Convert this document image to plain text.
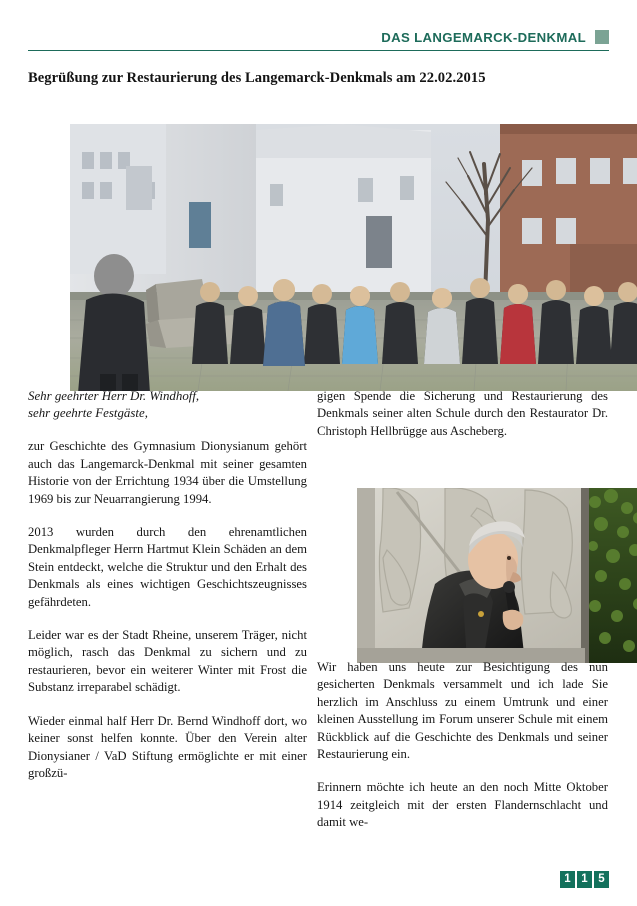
DAS LANGEMARCK-DENKMAL
Begrüßung zur Restaurierung des Langemarck-Denkmals am 22.02.2015

Sehr geehrter Herr Dr. Windhoff,
sehr geehrte Festgäste,

zur Geschichte des Gymnasium Dionysianum gehört auch das Langemarck-Denkmal mit seiner gesamten Historie von der Errichtung 1934 über die Umstellung 1969 bis zur Neuarrangierung 1994.

2013 wurden durch den ehrenamtlichen Denkmalpfleger Herrn Hartmut Klein Schäden an dem Stein entdeckt, welche die Struktur und den Erhalt des Denkmals als eines wichtigen Geschichtszeugnisses gefährdeten.

Leider war es der Stadt Rheine, unserem Träger, nicht möglich, rasch das Denkmal zu sichern und zu restaurieren, bevor ein weiterer Winter mit Frost die Substanz irreparabel schädigt.

Wieder einmal half Herr Dr. Bernd Windhoff dort, wo keiner sonst helfen konnte. Über den Verein alter Dionysianer / VaD Stiftung ermöglichte er mit einer großzü-

gigen Spende die Sicherung und Restaurierung des Denkmals seiner alten Schule durch den Restaurator Dr. Christoph Hellbrügge aus Ascheberg.

Wir haben uns heute zur Besichtigung des nun gesicherten Denkmals versammelt und ich lade Sie herzlich im Anschluss zu einem Umtrunk und einer kleinen Ausstellung im Forum unserer Schule mit einem Rückblick auf die Geschichte des Denkmals und seiner Restaurierung ein.

Erinnern möchte ich heute an den noch Mitte Oktober 1914 zeitgleich mit der ersten Flandernschlacht und damit we-

1 1 5
